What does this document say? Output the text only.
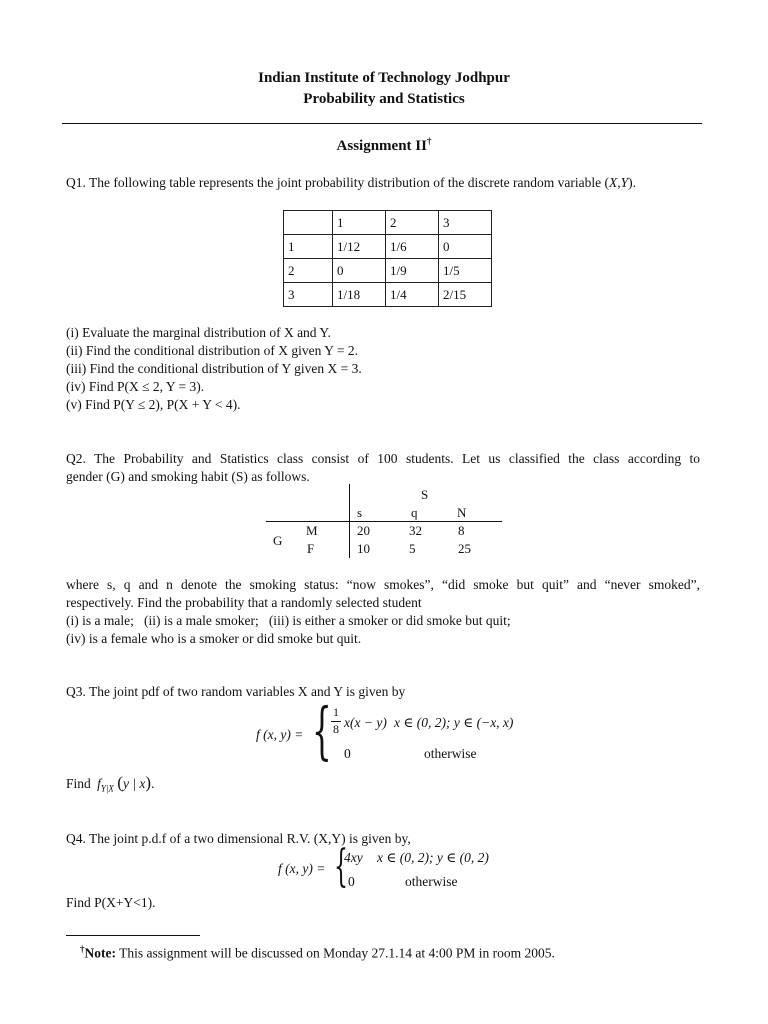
Indian Institute of Technology Jodhpur
Probability and Statistics
Assignment II†
Q1. The following table represents the joint probability distribution of the discrete random variable (X,Y).
	1	2	3
1	1/12	1/6	0
2	0	1/9	1/5
3	1/18	1/4	2/15
(i) Evaluate the marginal distribution of X and Y.
(ii) Find the conditional distribution of X given Y = 2.
(iii) Find the conditional distribution of Y given X = 3.
(iv) Find P(X ≤ 2, Y = 3).
(v) Find P(Y ≤ 2), P(X + Y < 4).
Q2. The Probability and Statistics class consist of 100 students. Let us classified the class according to
gender (G) and smoking habit (S) as follows.
S
s	q	N
G
M	20	32	8
F	10	5	25
where s, q and n denote the smoking status: “now smokes”, “did smoke but quit” and “never smoked”,
respectively. Find the probability that a randomly selected student
(i) is a male;   (ii) is a male smoker;   (iii) is either a smoker or did smoke but quit;
(iv) is a female who is a smoker or did smoke but quit.
Q3. The joint pdf of two random variables X and Y is given by
f (x, y) = { 1
8 x(x − y) x ∈ (0, 2); y ∈ (−x, x)
0	otherwise
Find $f_{Y|X}$ (y | x).
Q4. The joint p.d.f of a two dimensional R.V. (X,Y) is given by,
f (x, y) = {
4xy x ∈ (0, 2); y ∈ (0, 2)
0	otherwise
Find P(X+Y<1).
†Note: This assignment will be discussed on Monday 27.1.14 at 4:00 PM in room 2005.
